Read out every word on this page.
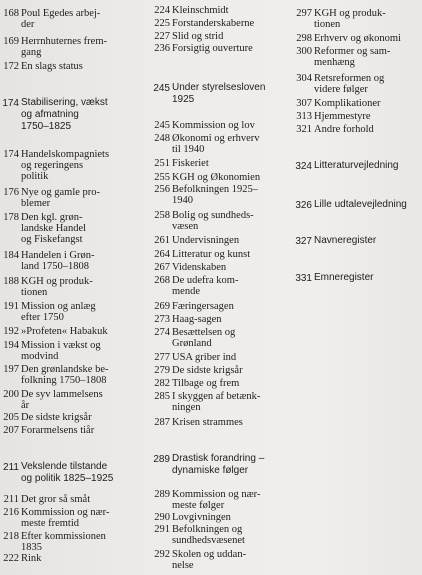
168 Poul Egedes arbej-
der
169 Herrnhuternes frem-
gang
172 En slags status
174 Stabilisering, vækst
og afmatning
1750–1825
174 Handelskompagniets
og regeringens
politik
176 Nye og gamle pro-
blemer
178 Den kgl. grøn-
landske Handel
og Fiskefangst
184 Handelen i Grøn-
land 1750–1808
188 KGH og produk-
tionen
191 Mission og anlæg
efter 1750
192 »Profeten« Habakuk
194 Mission i vækst og
modvind
197 Den grønlandske be-
folkning 1750–1808
200 De syv lammelsens
år
205 De sidste krigsår
207 Forarmelsens tiår
211 Vekslende tilstande
og politik 1825–1925
211 Det gror så småt
216 Kommission og nær-
meste fremtid
218 Efter kommissionen
1835
222 Rink
224 Kleinschmidt
225 Forstanderskaberne
227 Slid og strid
236 Forsigtig ouverture
245 Under styrelsesloven
1925
245 Kommission og lov
248 Økonomi og erhverv
til 1940
251 Fiskeriet
255 KGH og Økonomien
256 Befolkningen 1925–
1940
258 Bolig og sundheds-
væsen
261 Undervisningen
264 Litteratur og kunst
267 Videnskaben
268 De udefra kom-
mende
269 Færingersagen
273 Haag-sagen
274 Besættelsen og
Grønland
277 USA griber ind
279 De sidste krigsår
282 Tilbage og frem
285 I skyggen af betænk-
ningen
287 Krisen strammes
289 Drastisk forandring –
dynamiske følger
289 Kommission og nær-
meste følger
290 Lovgivningen
291 Befolkningen og
sundhedsvæsenet
292 Skolen og uddan-
nelse
297 KGH og produk-
tionen
298 Erhverv og økonomi
300 Reformer og sam-
menhæng
304 Retsreformen og
videre følger
307 Komplikationer
313 Hjemmestyre
321 Andre forhold
324 Litteraturvejledning
326 Lille udtalevejledning
327 Navneregister
331 Emneregister
